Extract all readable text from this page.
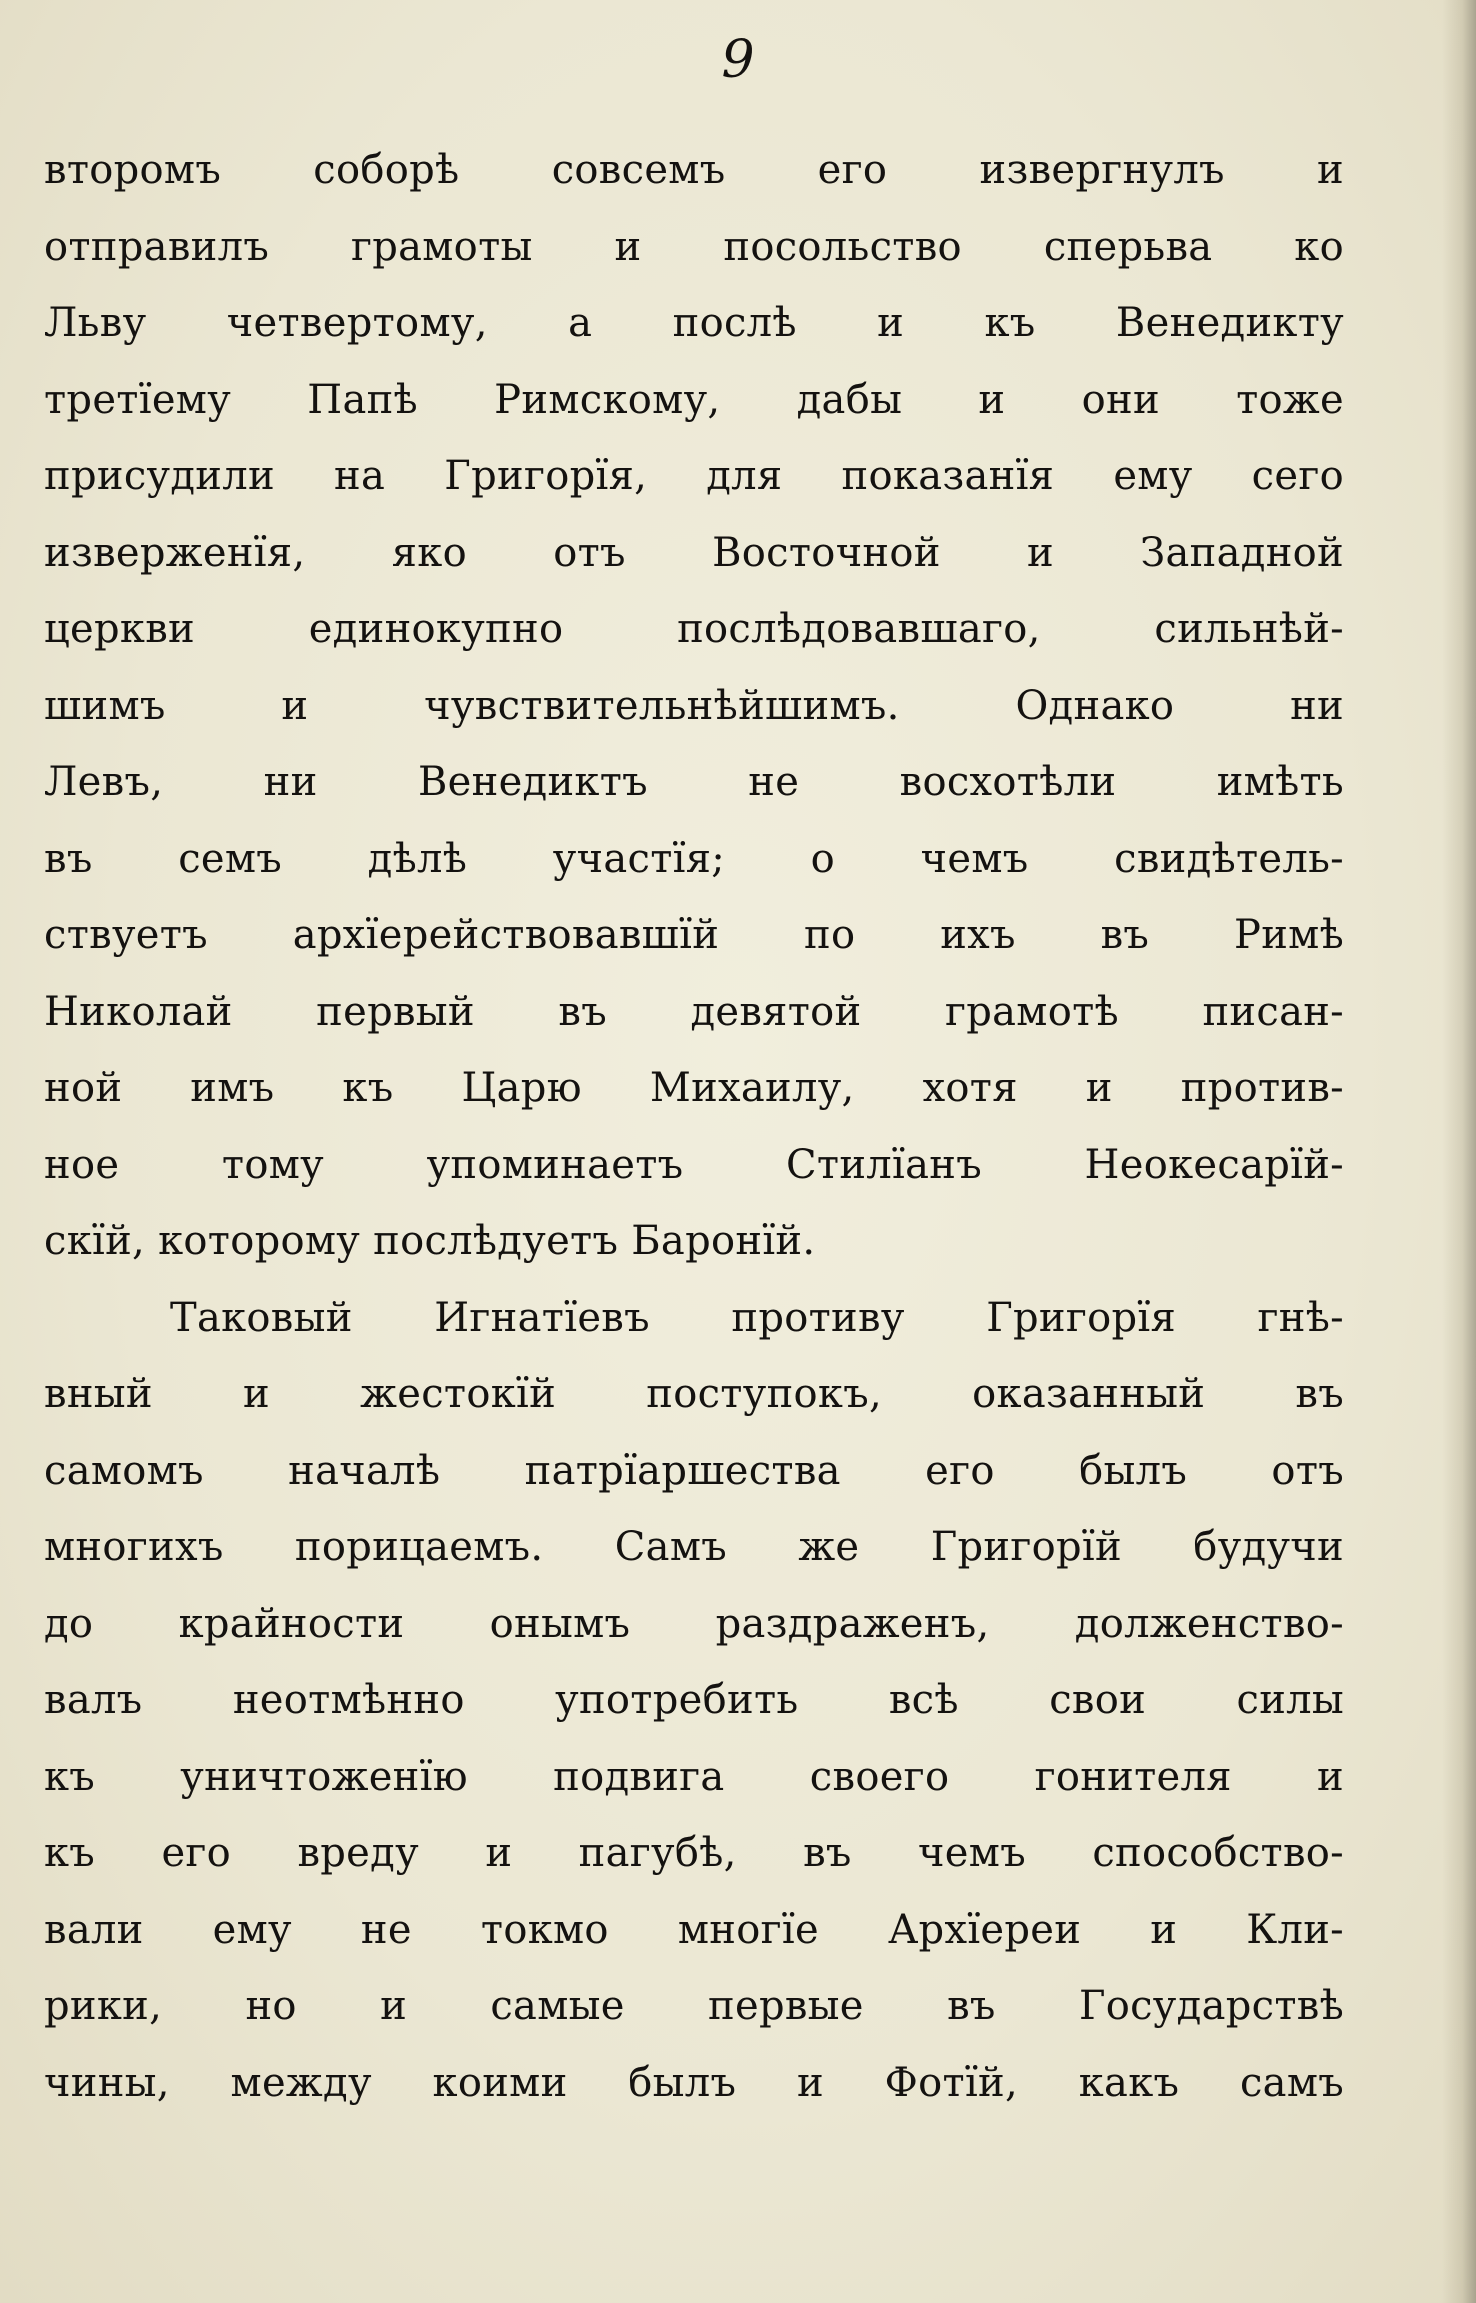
9
второмъ соборѣ совсемъ его извергнулъ и
отправилъ грамоты и посольство сперьва ко
Льву четвертому, а послѣ и къ Венедикту
третїему Папѣ Римскому, дабы и они тоже
присудили на Григорїя, для показанїя ему сего
изверженїя, яко отъ Восточной и Западной
церкви единокупно послѣдовавшаго, сильнѣй-
шимъ и чувствительнѣйшимъ. Однако ни
Левъ, ни Венедиктъ не восхотѣли имѣть
въ семъ дѣлѣ участїя; о чемъ свидѣтель-
ствуетъ архїерействовавшїй по ихъ въ Римѣ
Николай первый въ девятой грамотѣ писан-
ной имъ къ Царю Михаилу, хотя и против-
ное тому упоминаетъ Стилїанъ Неокесарїй-
скїй, которому послѣдуетъ Баронїй.
Таковый Игнатїевъ противу Григорїя гнѣ-
вный и жестокїй поступокъ, оказанный въ
самомъ началѣ патрїаршества его былъ отъ
многихъ порицаемъ. Самъ же Григорїй будучи
до крайности онымъ раздраженъ, долженство-
валъ неотмѣнно употребить всѣ свои силы
къ уничтоженїю подвига своего гонителя и
къ его вреду и пагубѣ, въ чемъ способство-
вали ему не токмо многїе Архїереи и Кли-
рики, но и самые первые въ Государствѣ
чины, между коими былъ и Фотїй, какъ самъ
